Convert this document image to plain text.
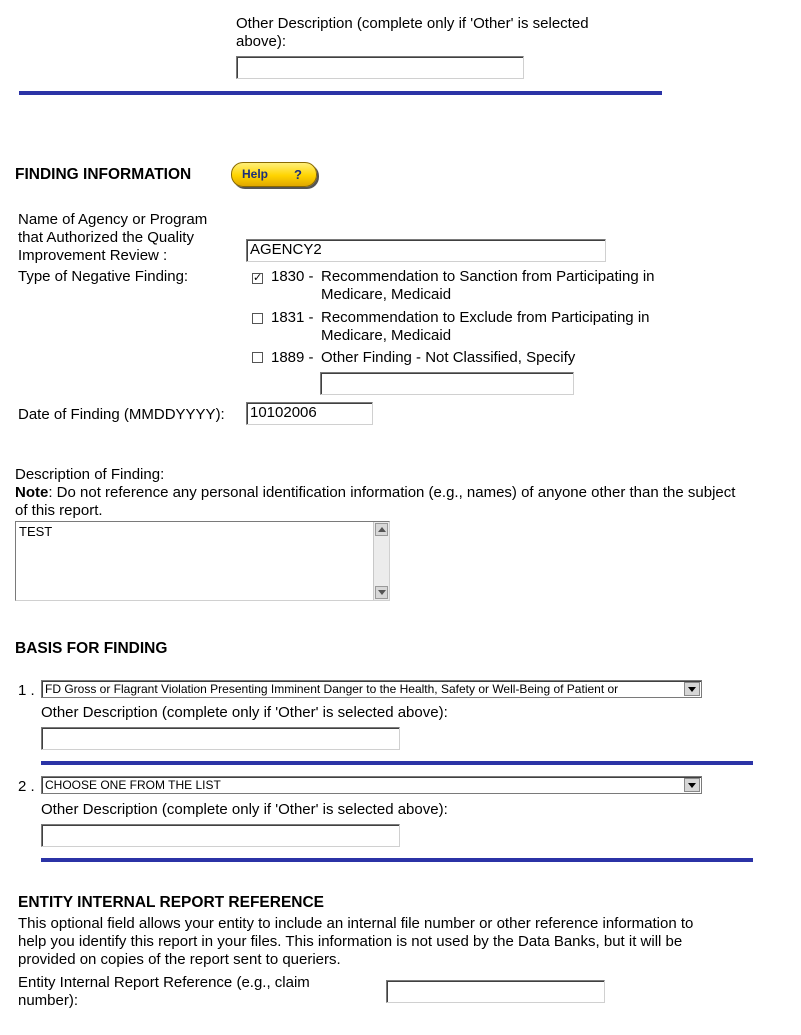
Other Description (complete only if 'Other' is selected
above):
FINDING INFORMATION	Help ?
Name of Agency or Program
that Authorized the Quality
Improvement Review :	AGENCY2
Type of Negative Finding:	✓ 1830 - Recommendation to Sanction from Participating in
Medicare, Medicaid
1831 - Recommendation to Exclude from Participating in
Medicare, Medicaid
1889 - Other Finding - Not Classified, Specify
Date of Finding (MMDDYYYY): 10102006
Description of Finding:
Note: Do not reference any personal identification information (e.g., names) of anyone other than the subject
of this report.
TEST
BASIS FOR FINDING
1 . FD Gross or Flagrant Violation Presenting Imminent Danger to the Health, Safety or Well-Being of Patient or
Other Description (complete only if 'Other' is selected above):
2 . CHOOSE ONE FROM THE LIST
Other Description (complete only if 'Other' is selected above):
ENTITY INTERNAL REPORT REFERENCE
This optional field allows your entity to include an internal file number or other reference information to
help you identify this report in your files. This information is not used by the Data Banks, but it will be
provided on copies of the report sent to queriers.
Entity Internal Report Reference (e.g., claim
number):
